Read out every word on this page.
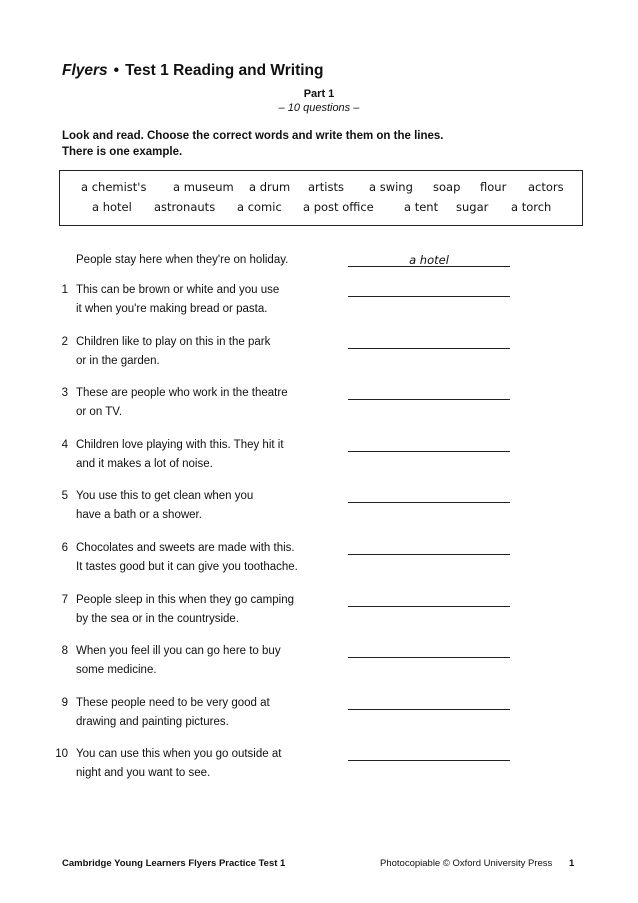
Flyers • Test 1 Reading and Writing
Part 1
– 10 questions –
Look and read. Choose the correct words and write them on the lines.
There is one example.
a chemist's a museum a drum artists a swing soap flour actors
a hotel astronauts a comic a post office	a tent sugar a torch
People stay here when they're on holiday.	a hotel
1 This can be brown or white and you use
it when you're making bread or pasta.
2 Children like to play on this in the park
or in the garden.
3 These are people who work in the theatre
or on TV.
4 Children love playing with this. They hit it
and it makes a lot of noise.
5 You use this to get clean when you
have a bath or a shower.
6 Chocolates and sweets are made with this.
It tastes good but it can give you toothache.
7 People sleep in this when they go camping
by the sea or in the countryside.
8 When you feel ill you can go here to buy
some medicine.
9 These people need to be very good at
drawing and painting pictures.
10 You can use this when you go outside at
night and you want to see.
Cambridge Young Learners Flyers Practice Test 1	Photocopiable © Oxford University Press 1
